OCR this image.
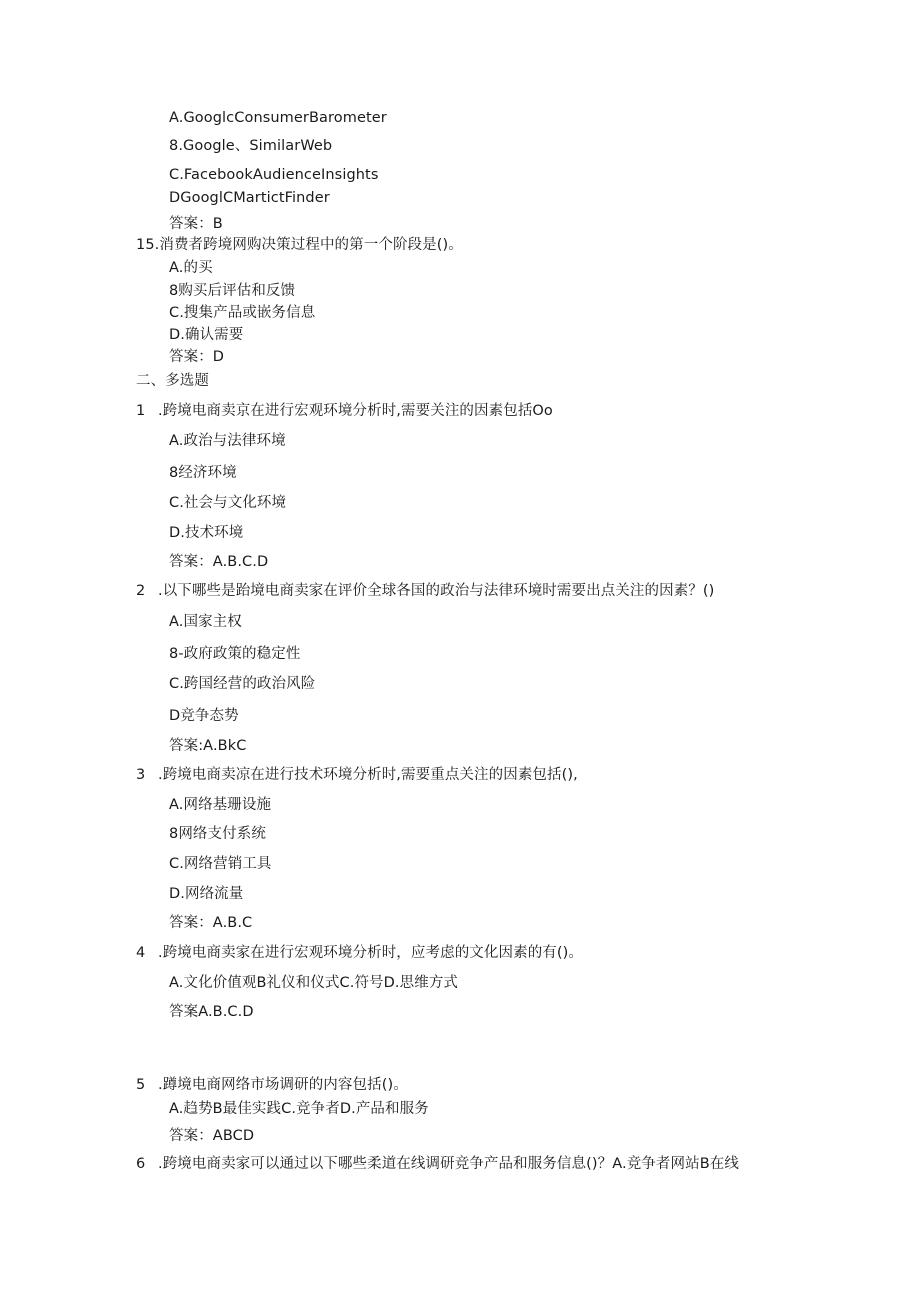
A.GooglcConsumerBarometer
8.Google、SimilarWeb
C.FacebookAudienceInsights
DGooglCMartictFinder
答案：B
15.消费者跨境网购决策过程中的第一个阶段是()。
A.的买
8购买后评估和反馈
C.搜集产品或嵌务信息
D.确认需要
答案：D
二、多选题
1 .跨境电商卖京在进行宏观环境分析时,需要关注的因素包括Oo
A.政治与法律环境
8经济环境
C.社会与文化环境
D.技术环境
答案：A.B.C.D
2 .以下哪些是跆境电商卖家在评价全球各国的政治与法律环境时需要出点关注的因素？()
A.国家主权
8-政府政策的稳定性
C.跨国经营的政治风险
D竞争态势
答案:A.BkC
3 .跨境电商卖凉在进行技术环境分析时,需要重点关注的因素包括(),
A.网络基珊设施
8网络支付系统
C.网络营销工具
D.网络流量
答案：A.B.C
4 .跨境电商卖家在进行宏观环境分析时，应考虑的文化因素的有()。
A.文化价值观B礼仪和仪式C.符号D.思维方式
答案A.B.C.D
5 .蹲境电商网络市场调研的内容包括()。
A.趋势B最佳实践C.竞争者D.产品和服务
答案：ABCD
6 .跨境电商卖家可以通过以下哪些柔道在线调研竞争产品和服务信息()？A.竞争者网站B在线
